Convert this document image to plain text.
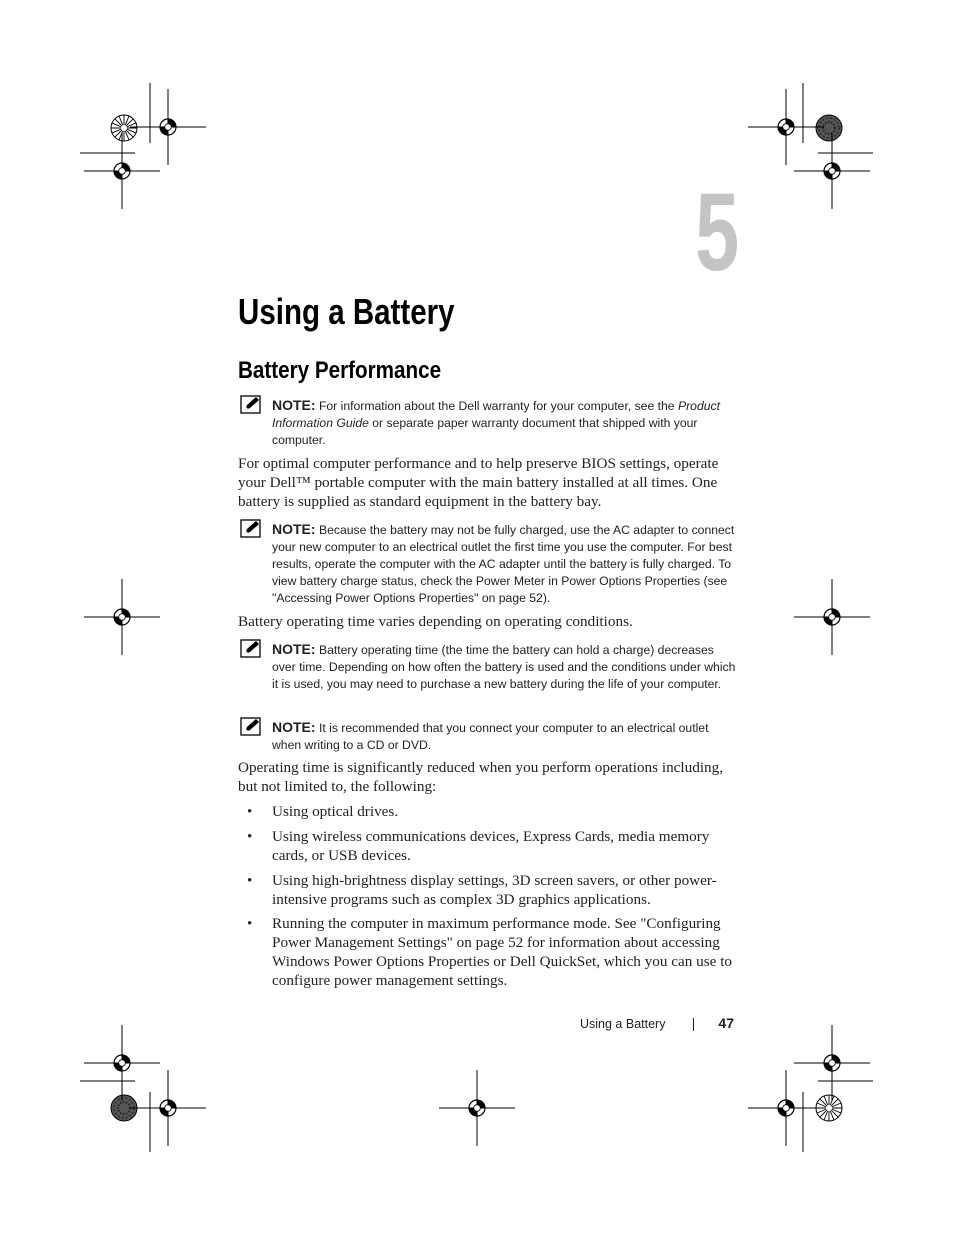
5
Using a Battery
Battery Performance
NOTE: For information about the Dell warranty for your computer, see the Product Information Guide or separate paper warranty document that shipped with your computer.

For optimal computer performance and to help preserve BIOS settings, operate your Dell™ portable computer with the main battery installed at all times. One battery is supplied as standard equipment in the battery bay.

NOTE: Because the battery may not be fully charged, use the AC adapter to connect your new computer to an electrical outlet the first time you use the computer. For best results, operate the computer with the AC adapter until the battery is fully charged. To view battery charge status, check the Power Meter in Power Options Properties (see "Accessing Power Options Properties" on page 52).

Battery operating time varies depending on operating conditions.

NOTE: Battery operating time (the time the battery can hold a charge) decreases over time. Depending on how often the battery is used and the conditions under which it is used, you may need to purchase a new battery during the life of your computer.
NOTE: It is recommended that you connect your computer to an electrical outlet when writing to a CD or DVD.

Operating time is significantly reduced when you perform operations including, but not limited to, the following:

• Using optical drives.
• Using wireless communications devices, Express Cards, media memory cards, or USB devices.
• Using high-brightness display settings, 3D screen savers, or other power-intensive programs such as complex 3D graphics applications.
• Running the computer in maximum performance mode. See "Configuring Power Management Settings" on page 52 for information about accessing Windows Power Options Properties or Dell QuickSet, which you can use to configure power management settings.
Using a Battery	47
